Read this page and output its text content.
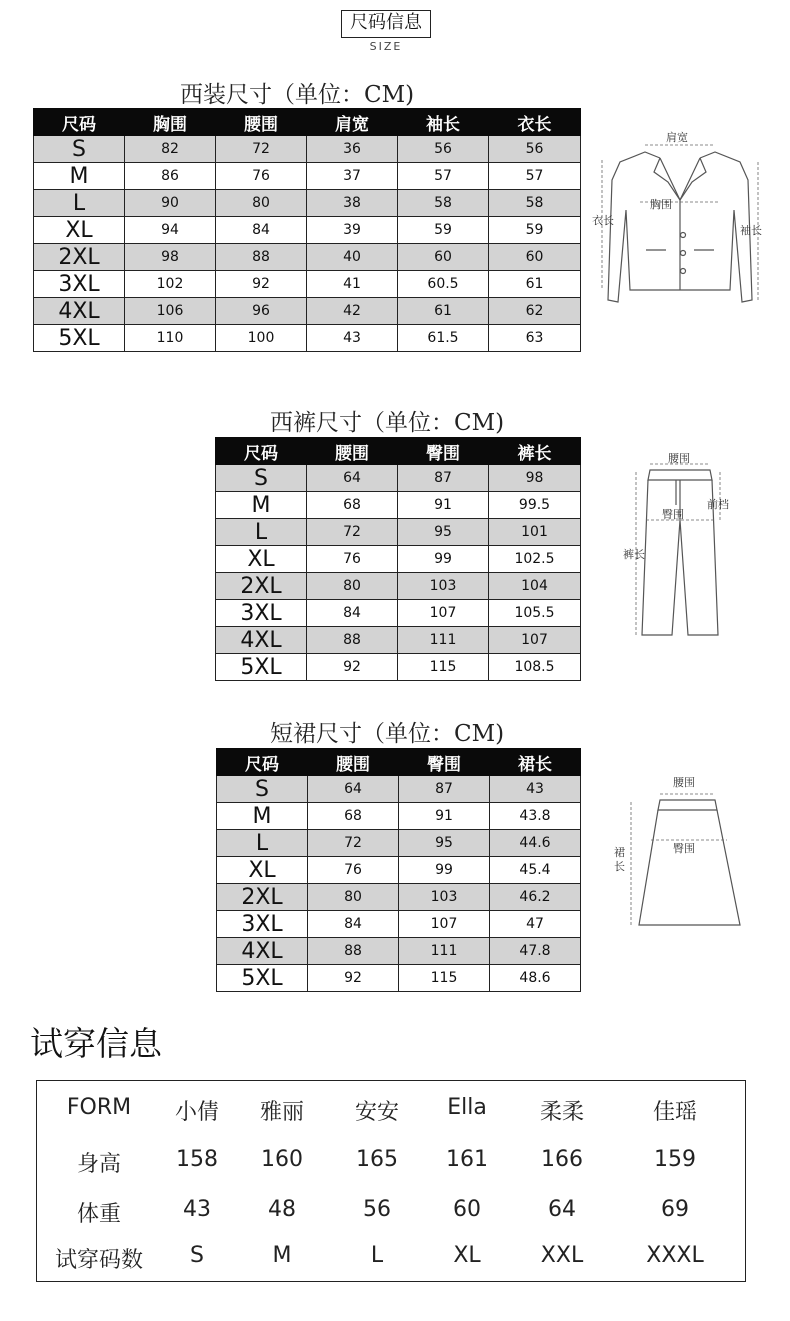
尺码信息
SIZE
西装尺寸（单位：CM)
尺码	胸围	腰围	肩宽	袖长	衣长
S	82	72	36	56	56
M	86	76	37	57	57
L	90	80	38	58	58
XL	94	84	39	59	59
2XL	98	88	40	60	60
3XL	102	92	41	60.5	61
4XL	106	96	42	61	62
5XL	110	100	43	61.5	63
肩宽
胸围
衣长
袖长
西裤尺寸（单位：CM)
尺码	腰围	臀围	裤长
S	64	87	98
M	68	91	99.5
L	72	95	101
XL	76	99	102.5
2XL	80	103	104
3XL	84	107	105.5
4XL	88	111	107
5XL	92	115	108.5
腰围
臀围
前档
裤长
短裙尺寸（单位：CM)
尺码	腰围	臀围	裙长
S	64	87	43
M	68	91	43.8
L	72	95	44.6
XL	76	99	45.4
2XL	80	103	46.2
3XL	84	107	47
4XL	88	111	47.8
5XL	92	115	48.6
腰围
臀围
裙
长
试穿信息
FORM	小倩	雅丽	安安	Ella	柔柔	佳瑶
身高	158	160	165	161	166	159
体重	43	48	56	60	64	69
试穿码数	S	M	L	XL	XXL	XXXL
